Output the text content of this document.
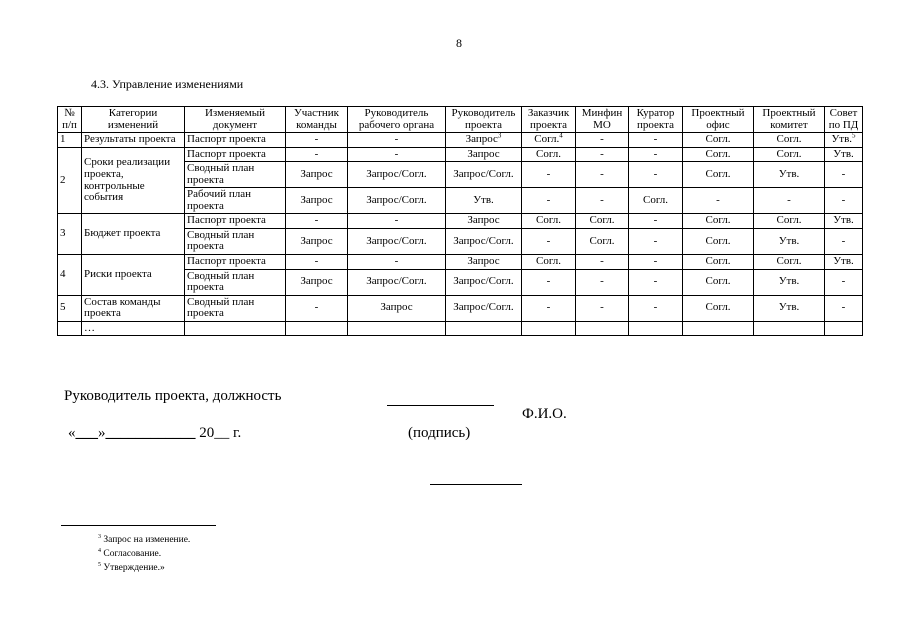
8
4.3. Управление изменениями
№ п/п	Категории изменений	Изменяемый документ	Участник команды	Руководитель рабочего органа	Руководитель проекта	Заказчик проекта	Минфин МО	Куратор проекта	Проектный офис	Проектный комитет	Совет по ПД
1	Результаты проекта	Паспорт проекта	-	-	Запрос$^3$	Согл.$^4$	-	-	Согл.	Согл.	Утв.$^5$
2	Сроки реализации проекта, контрольные события	Паспорт проекта	-	-	Запрос	Согл.	-	-	Согл.	Согл.	Утв.
		Сводный план проекта	Запрос	Запрос/Согл.	Запрос/Согл.	-	-	-	Согл.	Утв.	-
		Рабочий план проекта	Запрос	Запрос/Согл.	Утв.	-	-	Согл.	-	-	-
3	Бюджет проекта	Паспорт проекта	-	-	Запрос	Согл.	Согл.	-	Согл.	Согл.	Утв.
		Сводный план проекта	Запрос	Запрос/Согл.	Запрос/Согл.	-	Согл.	-	Согл.	Утв.	-
4	Риски проекта	Паспорт проекта	-	-	Запрос	Согл.	-	-	Согл.	Согл.	Утв.
		Сводный план проекта	Запрос	Запрос/Согл.	Запрос/Согл.	-	-	-	Согл.	Утв.	-
5	Состав команды проекта	Сводный план проекта	-	Запрос	Запрос/Согл.	-	-	-	Согл.	Утв.	-
	…										
Руководитель проекта, должность
Ф.И.О.
«___»____________ 20__ г.	(подпись)
$^3$ Запрос на изменение.
$^4$ Согласование.
$^5$ Утверждение.»
